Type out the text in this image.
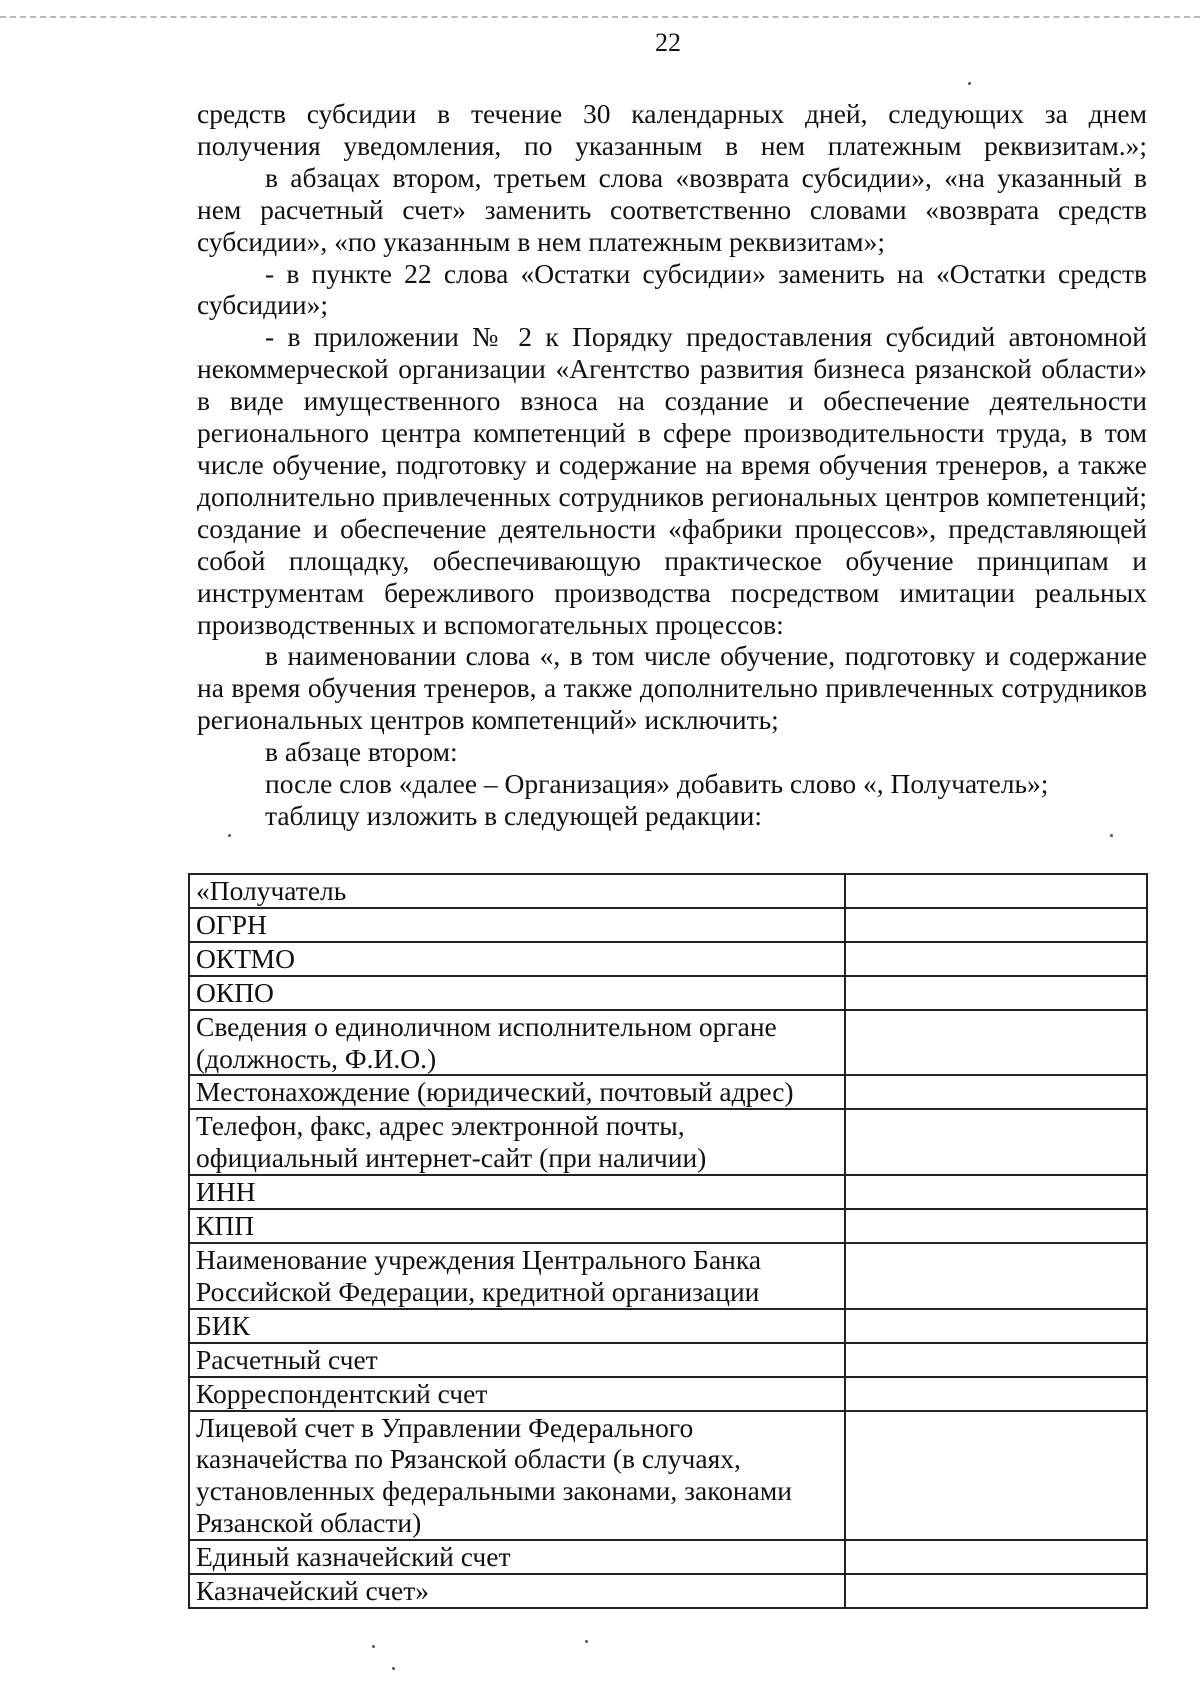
22

средств субсидии в течение 30 календарных дней, следующих за днем получения уведомления, по указанным в нем платежным реквизитам.»;

в абзацах втором, третьем слова «возврата субсидии», «на указанный в нем расчетный счет» заменить соответственно словами «возврата средств субсидии», «по указанным в нем платежным реквизитам»;

- в пункте 22 слова «Остатки субсидии» заменить на «Остатки средств субсидии»;

- в приложении № 2 к Порядку предоставления субсидий автономной некоммерческой организации «Агентство развития бизнеса рязанской области» в виде имущественного взноса на создание и обеспечение деятельности регионального центра компетенций в сфере производительности труда, в том числе обучение, подготовку и содержание на время обучения тренеров, а также дополнительно привлеченных сотрудников региональных центров компетенций; создание и обеспечение деятельности «фабрики процессов», представляющей собой площадку, обеспечивающую практическое обучение принципам и инструментам бережливого производства посредством имитации реальных производственных и вспомогательных процессов:

в наименовании слова «, в том числе обучение, подготовку и содержание на время обучения тренеров, а также дополнительно привлеченных сотрудников региональных центров компетенций» исключить;

в абзаце втором:

после слов «далее – Организация» добавить слово «, Получатель»;

таблицу изложить в следующей редакции:

«Получатель	

ОГРН	

ОКТМО	

ОКПО	

Сведения о единоличном исполнительном органе (должность, Ф.И.О.)	

Местонахождение (юридический, почтовый адрес)	

Телефон, факс, адрес электронной почты, официальный интернет-сайт (при наличии)	

ИНН	

КПП	

Наименование учреждения Центрального Банка Российской Федерации, кредитной организации	

БИК	

Расчетный счет	

Корреспондентский счет	

Лицевой счет в Управлении Федерального казначейства по Рязанской области (в случаях, установленных федеральными законами, законами Рязанской области)	

Единый казначейский счет	

Казначейский счет»	
